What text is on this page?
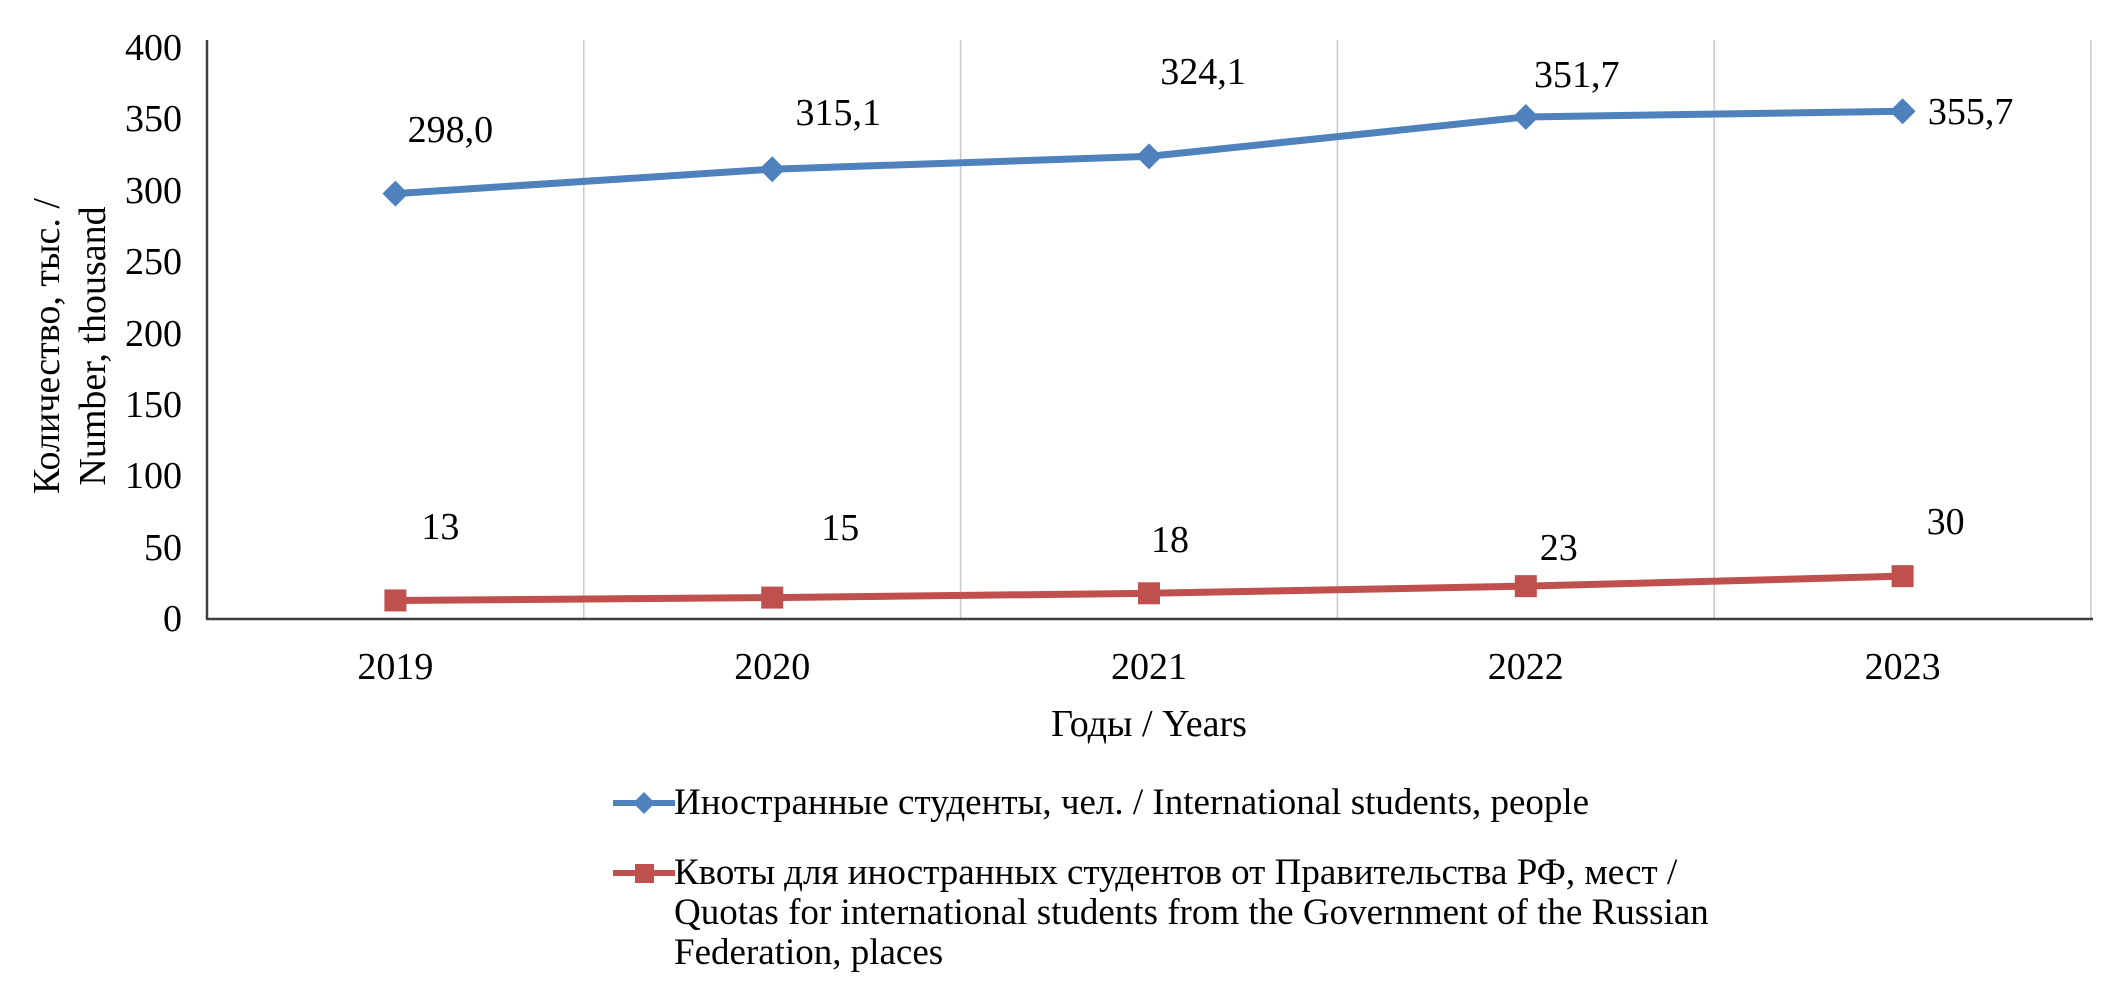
0
50
100
150
200
250
300
350
400
2019	2020	2021	2022	2023
298,0	315,1
324,1	351,7
355,7
13	15	18	23
30
Количество, тыс. / Number, thousand
Годы / Years
Иностранные студенты, чел. / International students, people
Квоты для иностранных студентов от Правительства РФ, мест /
Quotas for international students from the Government of the Russian
Federation, places
